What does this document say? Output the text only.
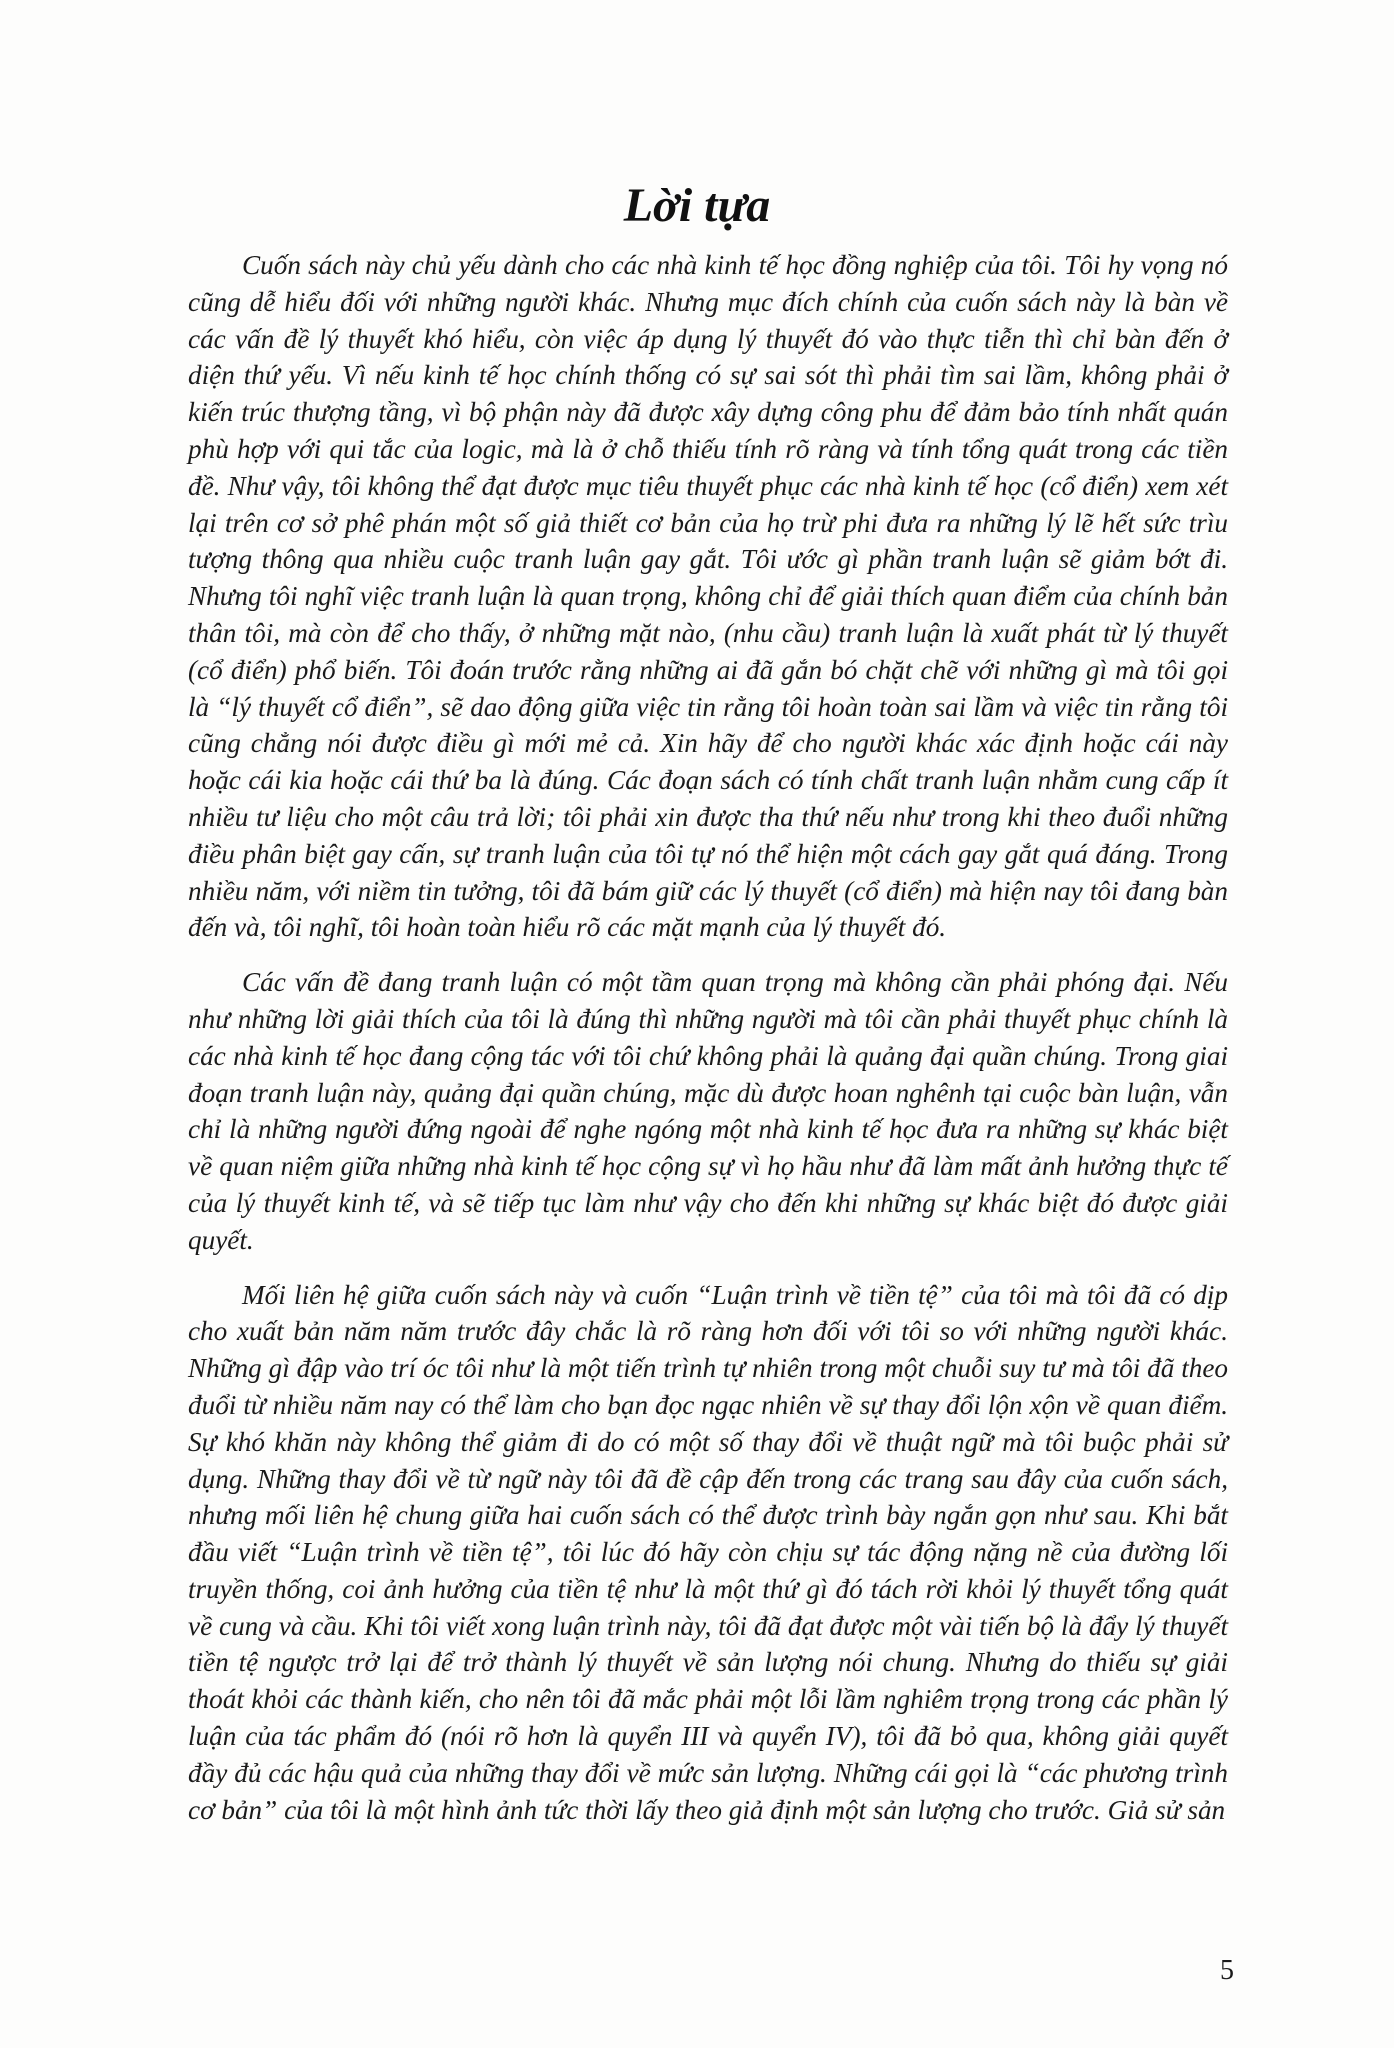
Lời tựa

Cuốn sách này chủ yếu dành cho các nhà kinh tế học đồng nghiệp của tôi. Tôi hy vọng nó cũng dễ hiểu đối với những người khác. Nhưng mục đích chính của cuốn sách này là bàn về các vấn đề lý thuyết khó hiểu, còn việc áp dụng lý thuyết đó vào thực tiễn thì chỉ bàn đến ở diện thứ yếu. Vì nếu kinh tế học chính thống có sự sai sót thì phải tìm sai lầm, không phải ở kiến trúc thượng tầng, vì bộ phận này đã được xây dựng công phu để đảm bảo tính nhất quán phù hợp với qui tắc của logic, mà là ở chỗ thiếu tính rõ ràng và tính tổng quát trong các tiền đề. Như vậy, tôi không thể đạt được mục tiêu thuyết phục các nhà kinh tế học (cổ điển) xem xét lại trên cơ sở phê phán một số giả thiết cơ bản của họ trừ phi đưa ra những lý lẽ hết sức trìu tượng thông qua nhiều cuộc tranh luận gay gắt. Tôi ước gì phần tranh luận sẽ giảm bớt đi. Nhưng tôi nghĩ việc tranh luận là quan trọng, không chỉ để giải thích quan điểm của chính bản thân tôi, mà còn để cho thấy, ở những mặt nào, (nhu cầu) tranh luận là xuất phát từ lý thuyết (cổ điển) phổ biến. Tôi đoán trước rằng những ai đã gắn bó chặt chẽ với những gì mà tôi gọi là “lý thuyết cổ điển”, sẽ dao động giữa việc tin rằng tôi hoàn toàn sai lầm và việc tin rằng tôi cũng chẳng nói được điều gì mới mẻ cả. Xin hãy để cho người khác xác định hoặc cái này hoặc cái kia hoặc cái thứ ba là đúng. Các đoạn sách có tính chất tranh luận nhằm cung cấp ít nhiều tư liệu cho một câu trả lời; tôi phải xin được tha thứ nếu như trong khi theo đuổi những điều phân biệt gay cấn, sự tranh luận của tôi tự nó thể hiện một cách gay gắt quá đáng. Trong nhiều năm, với niềm tin tưởng, tôi đã bám giữ các lý thuyết (cổ điển) mà hiện nay tôi đang bàn đến và, tôi nghĩ, tôi hoàn toàn hiểu rõ các mặt mạnh của lý thuyết đó.

Các vấn đề đang tranh luận có một tầm quan trọng mà không cần phải phóng đại. Nếu như những lời giải thích của tôi là đúng thì những người mà tôi cần phải thuyết phục chính là các nhà kinh tế học đang cộng tác với tôi chứ không phải là quảng đại quần chúng. Trong giai đoạn tranh luận này, quảng đại quần chúng, mặc dù được hoan nghênh tại cuộc bàn luận, vẫn chỉ là những người đứng ngoài để nghe ngóng một nhà kinh tế học đưa ra những sự khác biệt về quan niệm giữa những nhà kinh tế học cộng sự vì họ hầu như đã làm mất ảnh hưởng thực tế của lý thuyết kinh tế, và sẽ tiếp tục làm như vậy cho đến khi những sự khác biệt đó được giải quyết.

Mối liên hệ giữa cuốn sách này và cuốn “Luận trình về tiền tệ” của tôi mà tôi đã có dịp cho xuất bản năm năm trước đây chắc là rõ ràng hơn đối với tôi so với những người khác. Những gì đập vào trí óc tôi như là một tiến trình tự nhiên trong một chuỗi suy tư mà tôi đã theo đuổi từ nhiều năm nay có thể làm cho bạn đọc ngạc nhiên về sự thay đổi lộn xộn về quan điểm. Sự khó khăn này không thể giảm đi do có một số thay đổi về thuật ngữ mà tôi buộc phải sử dụng. Những thay đổi về từ ngữ này tôi đã đề cập đến trong các trang sau đây của cuốn sách, nhưng mối liên hệ chung giữa hai cuốn sách có thể được trình bày ngắn gọn như sau. Khi bắt đầu viết “Luận trình về tiền tệ”, tôi lúc đó hãy còn chịu sự tác động nặng nề của đường lối truyền thống, coi ảnh hưởng của tiền tệ như là một thứ gì đó tách rời khỏi lý thuyết tổng quát về cung và cầu. Khi tôi viết xong luận trình này, tôi đã đạt được một vài tiến bộ là đẩy lý thuyết tiền tệ ngược trở lại để trở thành lý thuyết về sản lượng nói chung. Nhưng do thiếu sự giải thoát khỏi các thành kiến, cho nên tôi đã mắc phải một lỗi lầm nghiêm trọng trong các phần lý luận của tác phẩm đó (nói rõ hơn là quyển III và quyển IV), tôi đã bỏ qua, không giải quyết đầy đủ các hậu quả của những thay đổi về mức sản lượng. Những cái gọi là “các phương trình cơ bản” của tôi là một hình ảnh tức thời lấy theo giả định một sản lượng cho trước. Giả sử sản

5
